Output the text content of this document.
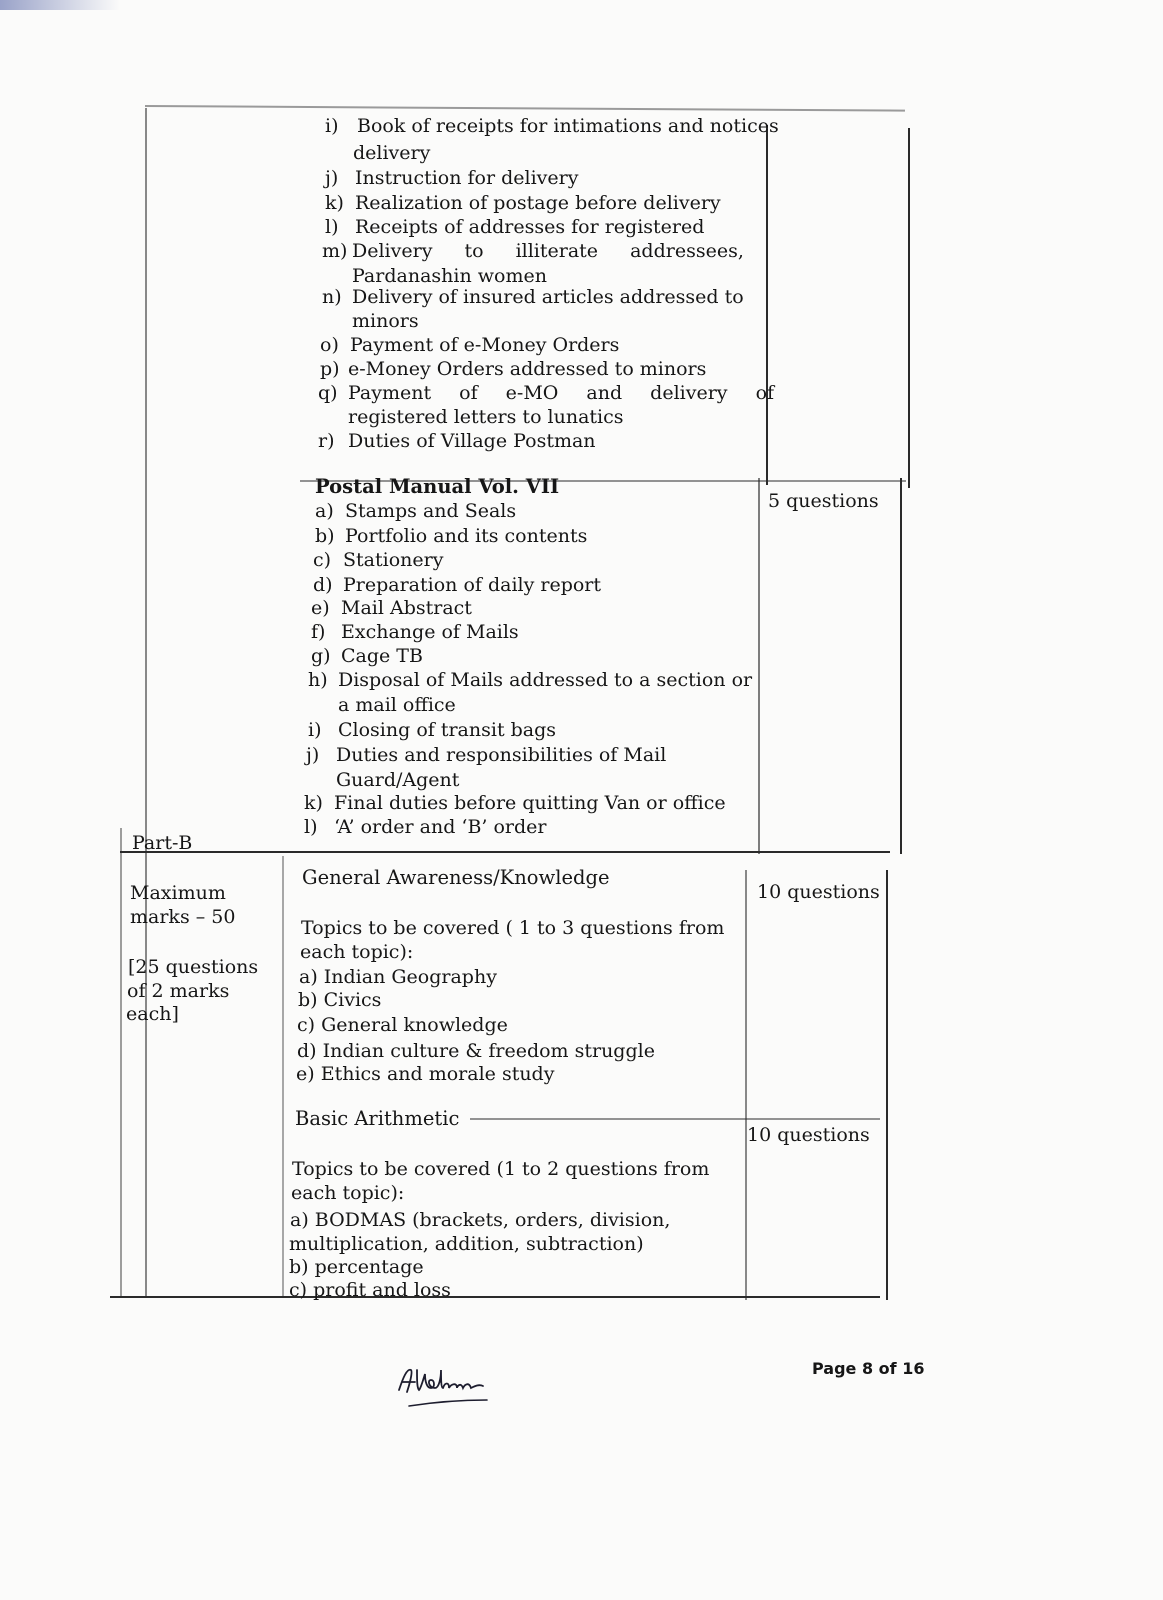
i) Book of receipts for intimations and notices
delivery
j) Instruction for delivery
k) Realization of postage before delivery
l) Receipts of addresses for registered
m) Delivery to illiterate addressees,
Pardanashin women
n) Delivery of insured articles addressed to
minors
o) Payment of e-Money Orders
p) e-Money Orders addressed to minors
q) Payment of e-MO and delivery of
registered letters to lunatics
r) Duties of Village Postman
Postal Manual Vol. VII
5 questions
a) Stamps and Seals
b) Portfolio and its contents
c) Stationery
d) Preparation of daily report
e) Mail Abstract
f) Exchange of Mails
g) Cage TB
h) Disposal of Mails addressed to a section or
a mail office
i) Closing of transit bags
j) Duties and responsibilities of Mail
Guard/Agent
k) Final duties before quitting Van or office
l) ‘A’ order and ‘B’ order
Part-B
Maximum
marks – 50
[25 questions
of 2 marks
each]
General Awareness/Knowledge
10 questions
Topics to be covered ( 1 to 3 questions from
each topic):
a) Indian Geography
b) Civics
c) General knowledge
d) Indian culture & freedom struggle
e) Ethics and morale study
Basic Arithmetic
10 questions
Topics to be covered (1 to 2 questions from
each topic):
a) BODMAS (brackets, orders, division,
multiplication, addition, subtraction)
b) percentage
c) profit and loss
Page 8 of 16
